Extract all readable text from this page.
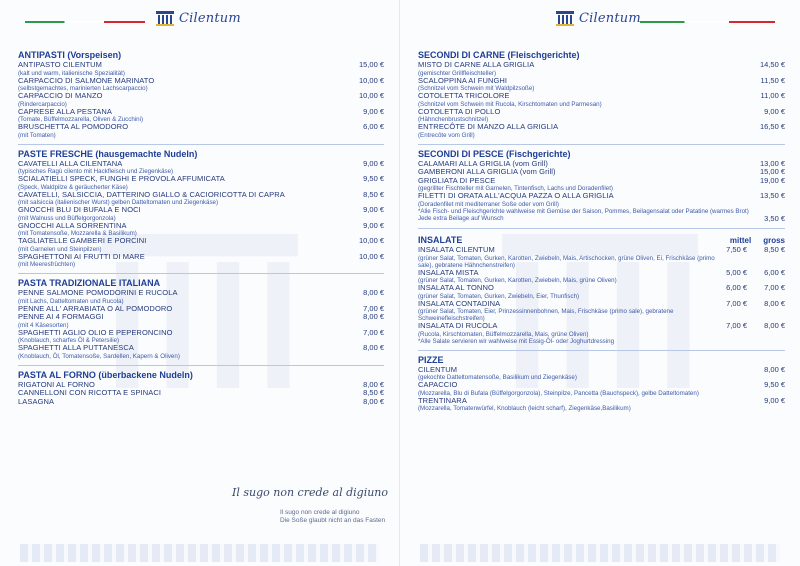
Cilentum
ANTIPASTI (Vorspeisen)
ANTIPASTO CILENTUM
(kalt und warm, italienische Spezialität)
15,00 €
CARPACCIO DI SALMONE MARINATO
(selbstgemachtes, marinierten Lachscarpaccio)
10,00 €
CARPACCIO DI MANZO
(Rindercarpaccio)
10,00 €
CAPRESE ALLA PESTANA
(Tomate, Büffelmozzarella, Oliven & Zucchini)
9,00 €
BRUSCHETTA AL POMODORO
(mit Tomaten)
6,00 €
PASTE FRESCHE (hausgemachte Nudeln)
CAVATELLI ALLA CILENTANA
(typisches Ragù cilento mit Hackfleisch und Ziegenkäse)
9,00 €
SCIALATIELLI SPECK, FUNGHI E PROVOLA AFFUMICATA
(Speck, Waldpilze & geräucherter Käse)
9,50 €
CAVATELLI, SALSICCIA, DATTERINO GIALLO & CACIORICOTTA DI CAPRA
(mit salsiccia (italienischer Wurst) gelben Datteltomaten und Ziegenkäse)
8,50 €
GNOCCHI BLU DI BUFALA E NOCI
(mit Walnuss und Büffelgorgonzola)
9,00 €
GNOCCHI ALLA SORRENTINA
(mit Tomatensoße, Mozzarella & Basilikum)
9,00 €
TAGLIATELLE GAMBERI E PORCINI
(mit Garnelen und Steinpilzen)
10,00 €
SPAGHETTONI AI FRUTTI DI MARE
(mit Meeresfrüchten)
10,00 €
PASTA TRADIZIONALE ITALIANA
PENNE SALMONE POMODORINI E RUCOLA
(mit Lachs, Datteltomaten und Rucola)
8,00 €
PENNE ALL' ARRABIATA O AL POMODORO	7,00 €
PENNE AI 4 FORMAGGI
(mit 4 Käsesorten)
8,00 €
SPAGHETTI AGLIO OLIO E PEPERONCINO
(Knoblauch, scharfes Öl & Petersilie)
7,00 €
SPAGHETTI ALLA PUTTANESCA
(Knoblauch, Öl, Tomatensoße, Sardellen, Kapern & Oliven)
8,00 €
PASTA AL FORNO (überbackene Nudeln)
RIGATONI AL FORNO	8,00 €
CANNELLONI CON RICOTTA E SPINACI	8,50 €
LASAGNA	8,00 €
Il sugo non crede al digiuno
Il sugo non crede al digiuno
Die Soße glaubt nicht an das Fasten
Cilentum
SECONDI DI CARNE (Fleischgerichte)
MISTO DI CARNE ALLA GRIGLIA
(gemischter Grillfleischteller)
14,50 €
SCALOPPINA AI FUNGHI
(Schnitzel vom Schwein mit Waldpilzsoße)
11,50 €
COTOLETTA TRICOLORE
(Schnitzel vom Schwein mit Rucola, Kirschtomaten und Parmesan)
11,00 €
COTOLETTA DI POLLO
(Hähnchenbrustschnitzel)
9,00 €
ENTRECÔTE DI MANZO ALLA GRIGLIA
(Entrecôte vom Grill)
16,50 €
SECONDI DI PESCE (Fischgerichte)
CALAMARI ALLA GRIGLIA (vom Grill)	13,00 €
GAMBERONI ALLA GRIGLIA (vom Grill)	15,00 €
GRIGLIATA DI PESCE
(gegrillter Fischteller mit Garnelen, Tintenfisch, Lachs und Doradenfilet)
19,00 €
FILETTI DI ORATA ALL'ACQUA PAZZA O ALLA GRIGLIA
(Doradenfilet mit mediterraner Soße oder vom Grill)
13,50 €
*Alle Fisch- und Fleischgerichte wahlweise mit Gemüse der Saison, Pommes, Beilagensalat oder Patatine (warmes Brot)
Jede extra Beilage auf Wunsch	3,50 €
INSALATE	mittel gross
INSALATA CILENTUM
(grüner Salat, Tomaten, Gurken, Karotten, Zwiebeln, Mais, Artischocken, grüne Oliven, Ei, Frischkäse (primo sale), gebratene Hähnchenstreifen)
7,50 €	8,50 €
INSALATA MISTA
(grüner Salat, Tomaten, Gurken, Karotten, Zwiebeln, Mais, grüne Oliven)
5,00 €	6,00 €
INSALATA AL TONNO
(grüner Salat, Tomaten, Gurken, Zwiebeln, Eier, Thunfisch)
6,00 €	7,00 €
INSALATA CONTADINA
(grüner Salat, Tomaten, Eier, Prinzessinnenbohnen, Mais, Frischkäse (primo sale), gebratene Schweinefleischstreifen)
7,00 €	8,00 €
INSALATA DI RUCOLA
(Rucola, Kirschtomaten, Büffelmozzarella, Mais, grüne Oliven)
7,00 €	8,00 €
*Alle Salate servieren wir wahlweise mit Essig-Öl- oder Joghurtdressing
PIZZE
CILENTUM
(gekochte Datteltomatensoße, Basilikum und Ziegenkäse)
8,00 €
CAPACCIO
(Mozzarella, Blu di Bufala (Büffelgorgonzola), Steinpilze, Pancetta (Bauchspeck), gelbe Datteltomaten)
9,50 €
TRENTINARA
(Mozzarella, Tomatenwürfel, Knoblauch (leicht scharf), Ziegenkäse,Basilikum)
9,00 €
